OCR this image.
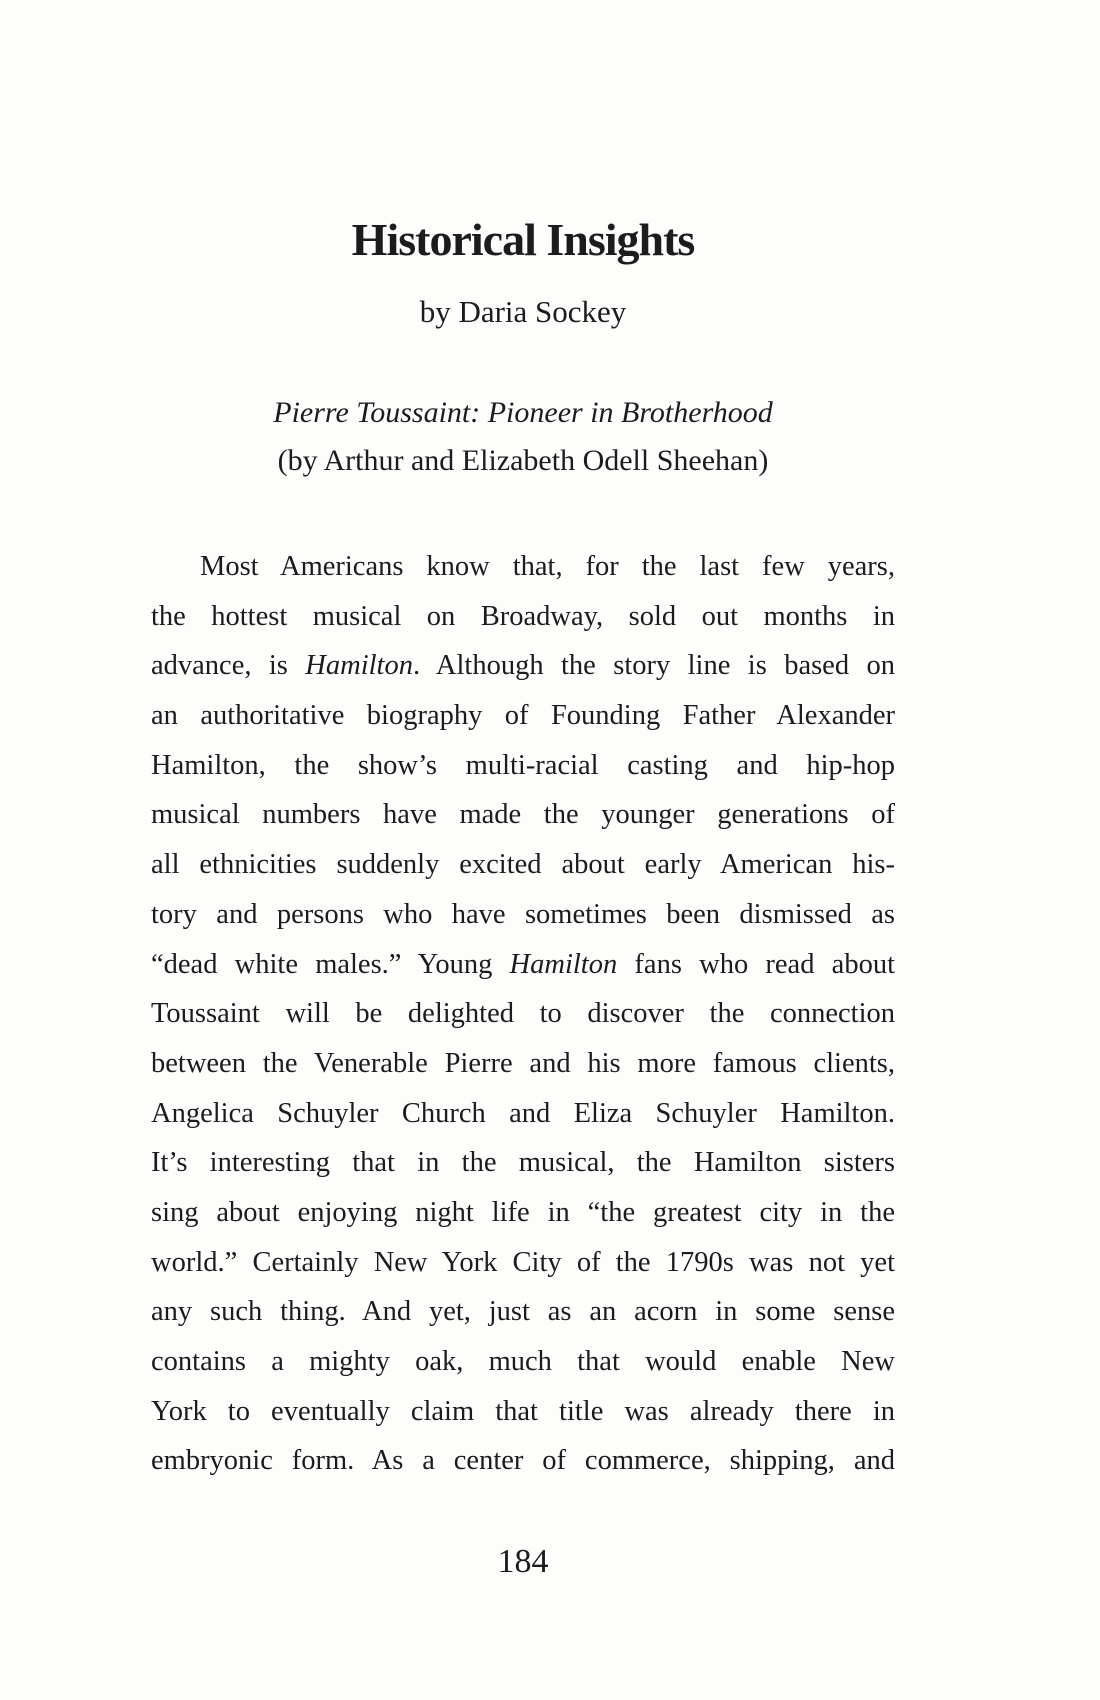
Historical Insights
by Daria Sockey
Pierre Toussaint: Pioneer in Brotherhood
(by Arthur and Elizabeth Odell Sheehan)
Most Americans know that, for the last few years,
the hottest musical on Broadway, sold out months in
advance, is Hamilton. Although the story line is based on
an authoritative biography of Founding Father Alexander
Hamilton, the show’s multi-racial casting and hip-hop
musical numbers have made the younger generations of
all ethnicities suddenly excited about early American his-
tory and persons who have sometimes been dismissed as
“dead white males.” Young Hamilton fans who read about
Toussaint will be delighted to discover the connection
between the Venerable Pierre and his more famous clients,
Angelica Schuyler Church and Eliza Schuyler Hamilton.
It’s interesting that in the musical, the Hamilton sisters
sing about enjoying night life in “the greatest city in the
world.” Certainly New York City of the 1790s was not yet
any such thing. And yet, just as an acorn in some sense
contains a mighty oak, much that would enable New
York to eventually claim that title was already there in
embryonic form. As a center of commerce, shipping, and
184
